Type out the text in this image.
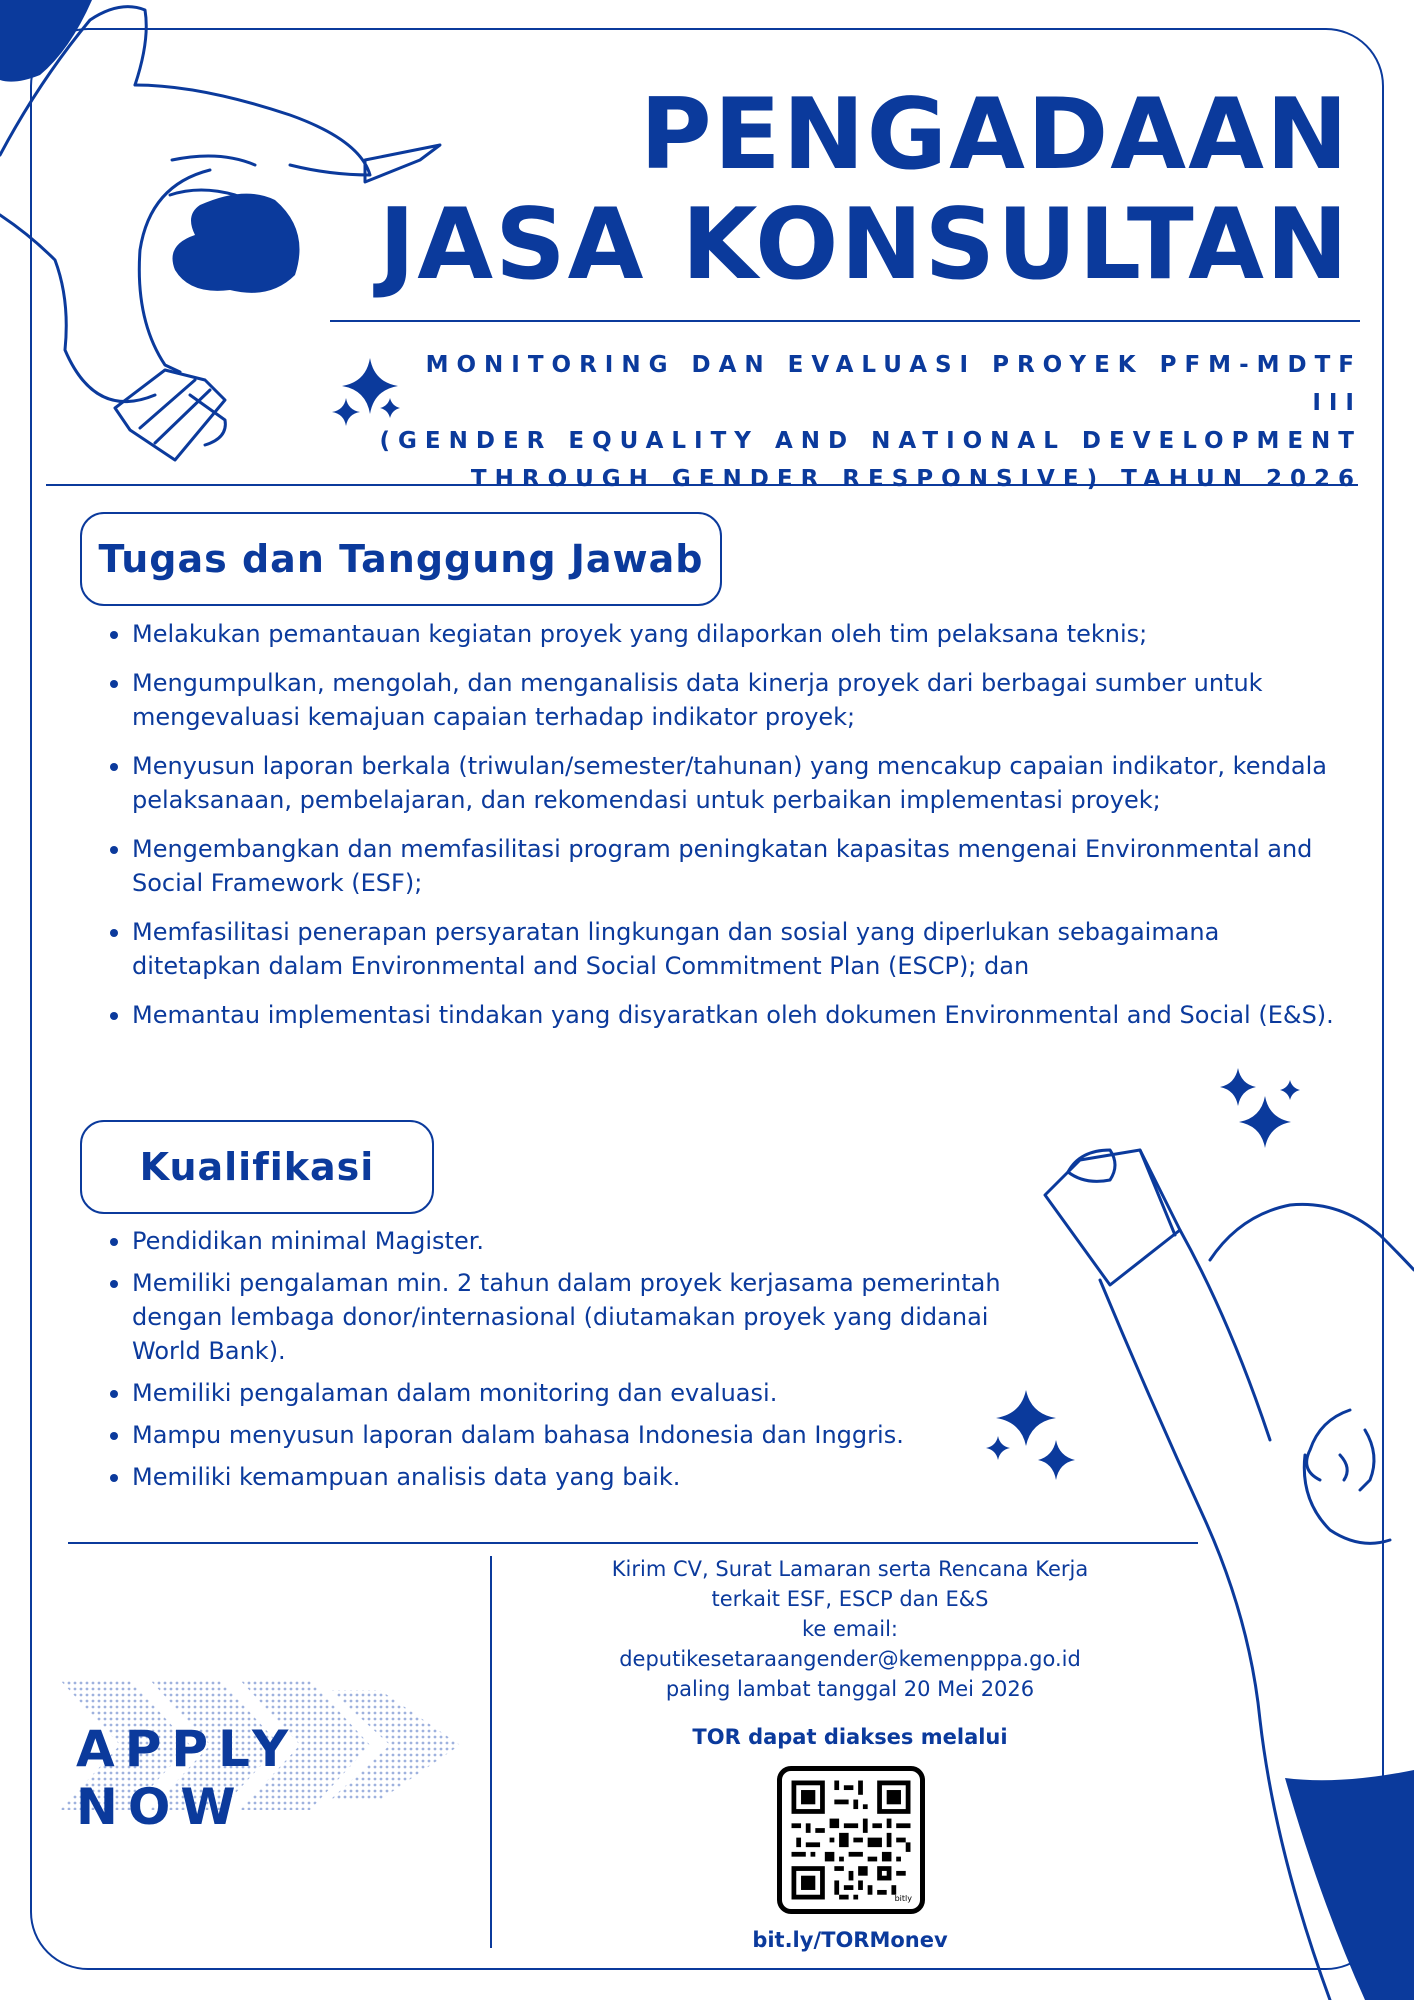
PENGADAAN
JASA KONSULTAN
MONITORING DAN EVALUASI PROYEK PFM-MDTF III
(GENDER EQUALITY AND NATIONAL DEVELOPMENT
THROUGH GENDER RESPONSIVE) TAHUN 2026
Tugas dan Tanggung Jawab
Melakukan pemantauan kegiatan proyek yang dilaporkan oleh tim pelaksana teknis;
Mengumpulkan, mengolah, dan menganalisis data kinerja proyek dari berbagai sumber untuk mengevaluasi kemajuan capaian terhadap indikator proyek;
Menyusun laporan berkala (triwulan/semester/tahunan) yang mencakup capaian indikator, kendala pelaksanaan, pembelajaran, dan rekomendasi untuk perbaikan implementasi proyek;
Mengembangkan dan memfasilitasi program peningkatan kapasitas mengenai Environmental and Social Framework (ESF);
Memfasilitasi penerapan persyaratan lingkungan dan sosial yang diperlukan sebagaimana ditetapkan dalam Environmental and Social Commitment Plan (ESCP); dan
Memantau implementasi tindakan yang disyaratkan oleh dokumen Environmental and Social (E&S).
Kualifikasi
Pendidikan minimal Magister.
Memiliki pengalaman min. 2 tahun dalam proyek kerjasama pemerintah dengan lembaga donor/internasional (diutamakan proyek yang didanai World Bank).
Memiliki pengalaman dalam monitoring dan evaluasi.
Mampu menyusun laporan dalam bahasa Indonesia dan Inggris.
Memiliki kemampuan analisis data yang baik.
APPLY NOW
Kirim CV, Surat Lamaran serta Rencana Kerja
terkait ESF, ESCP dan E&S
ke email:
deputikesetaraangender@kemenpppa.go.id
paling lambat tanggal 20 Mei 2026
TOR dapat diakses melalui
bitly
bit.ly/TORMonev
